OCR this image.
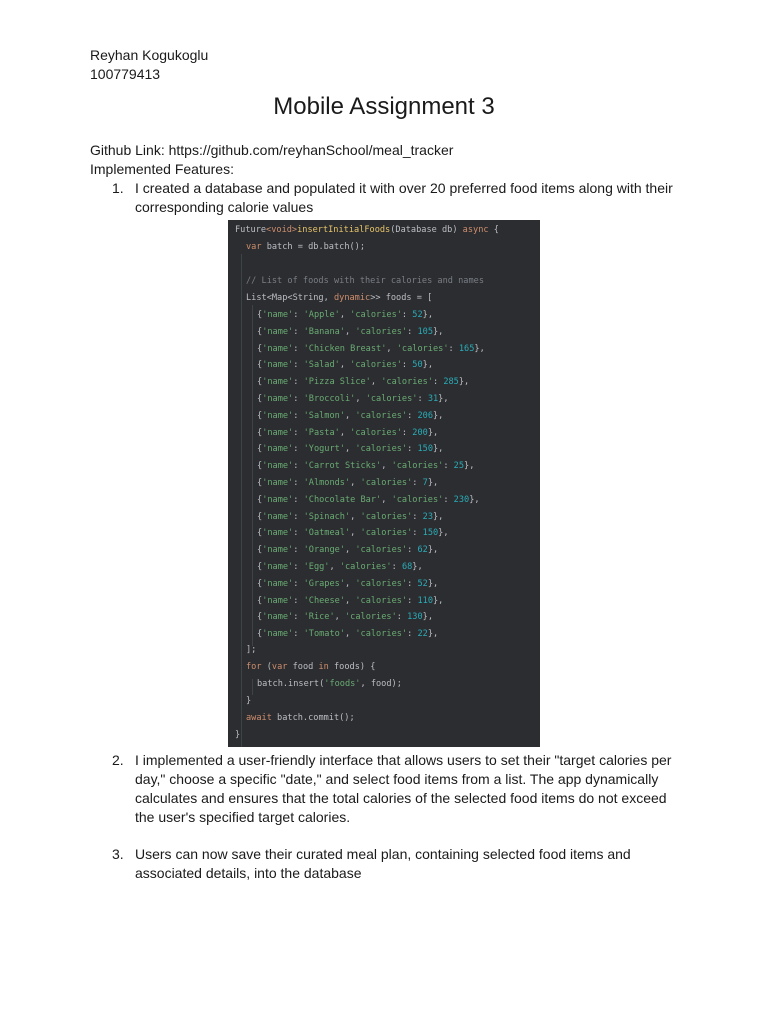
Reyhan Kogukoglu
100779413
Mobile Assignment 3
Github Link: https://github.com/reyhanSchool/meal_tracker
Implemented Features:
1. I created a database and populated it with over 20 preferred food items along with their
corresponding calorie values
Future<void>insertInitialFoods(Database db) async {
var batch = db.batch();
// List of foods with their calories and names
List<Map<String, dynamic>> foods = [
{'name': 'Apple', 'calories': 52},
{'name': 'Banana', 'calories': 105},
{'name': 'Chicken Breast', 'calories': 165},
{'name': 'Salad', 'calories': 50},
{'name': 'Pizza Slice', 'calories': 285},
{'name': 'Broccoli', 'calories': 31},
{'name': 'Salmon', 'calories': 206},
{'name': 'Pasta', 'calories': 200},
{'name': 'Yogurt', 'calories': 150},
{'name': 'Carrot Sticks', 'calories': 25},
{'name': 'Almonds', 'calories': 7},
{'name': 'Chocolate Bar', 'calories': 230},
{'name': 'Spinach', 'calories': 23},
{'name': 'Oatmeal', 'calories': 150},
{'name': 'Orange', 'calories': 62},
{'name': 'Egg', 'calories': 68},
{'name': 'Grapes', 'calories': 52},
{'name': 'Cheese', 'calories': 110},
{'name': 'Rice', 'calories': 130},
{'name': 'Tomato', 'calories': 22},
];
for (var food in foods) {
batch.insert('foods', food);
}
await batch.commit();
}
2. I implemented a user-friendly interface that allows users to set their "target calories per
day," choose a specific "date," and select food items from a list. The app dynamically
calculates and ensures that the total calories of the selected food items do not exceed
the user's specified target calories.
3. Users can now save their curated meal plan, containing selected food items and
associated details, into the database
